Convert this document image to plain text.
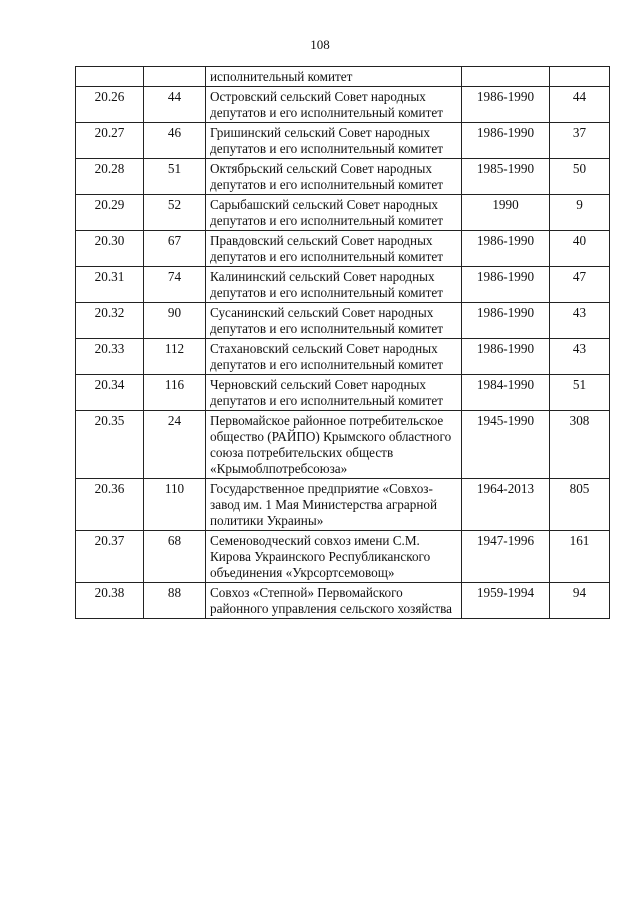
108
		исполнительный комитет		
20.26	44	Островский сельский Совет народных депутатов и его исполнительный комитет	1986-1990	44
20.27	46	Гришинский сельский Совет народных депутатов и его исполнительный комитет	1986-1990	37
20.28	51	Октябрьский сельский Совет народных депутатов и его исполнительный комитет	1985-1990	50
20.29	52	Сарыбашский сельский Совет народных депутатов и его исполнительный комитет	1990	9
20.30	67	Правдовский сельский Совет народных депутатов и его исполнительный комитет	1986-1990	40
20.31	74	Калининский сельский Совет народных депутатов и его исполнительный комитет	1986-1990	47
20.32	90	Сусанинский сельский Совет народных депутатов и его исполнительный комитет	1986-1990	43
20.33	112	Стахановский сельский Совет народных депутатов и его исполнительный комитет	1986-1990	43
20.34	116	Черновский сельский Совет народных депутатов и его исполнительный комитет	1984-1990	51
20.35	24	Первомайское районное потребительское общество (РАЙПО) Крымского областного союза потребительских обществ «Крымоблпотребсоюза»	1945-1990	308
20.36	110	Государственное предприятие «Совхоз- завод им. 1 Мая Министерства аграрной политики Украины»	1964-2013	805
20.37	68	Семеноводческий совхоз имени С.М. Кирова Украинского Республиканского объединения «Укрсортсемовощ»	1947-1996	161
20.38	88	Совхоз «Степной» Первомайского районного управления сельского хозяйства	1959-1994	94
